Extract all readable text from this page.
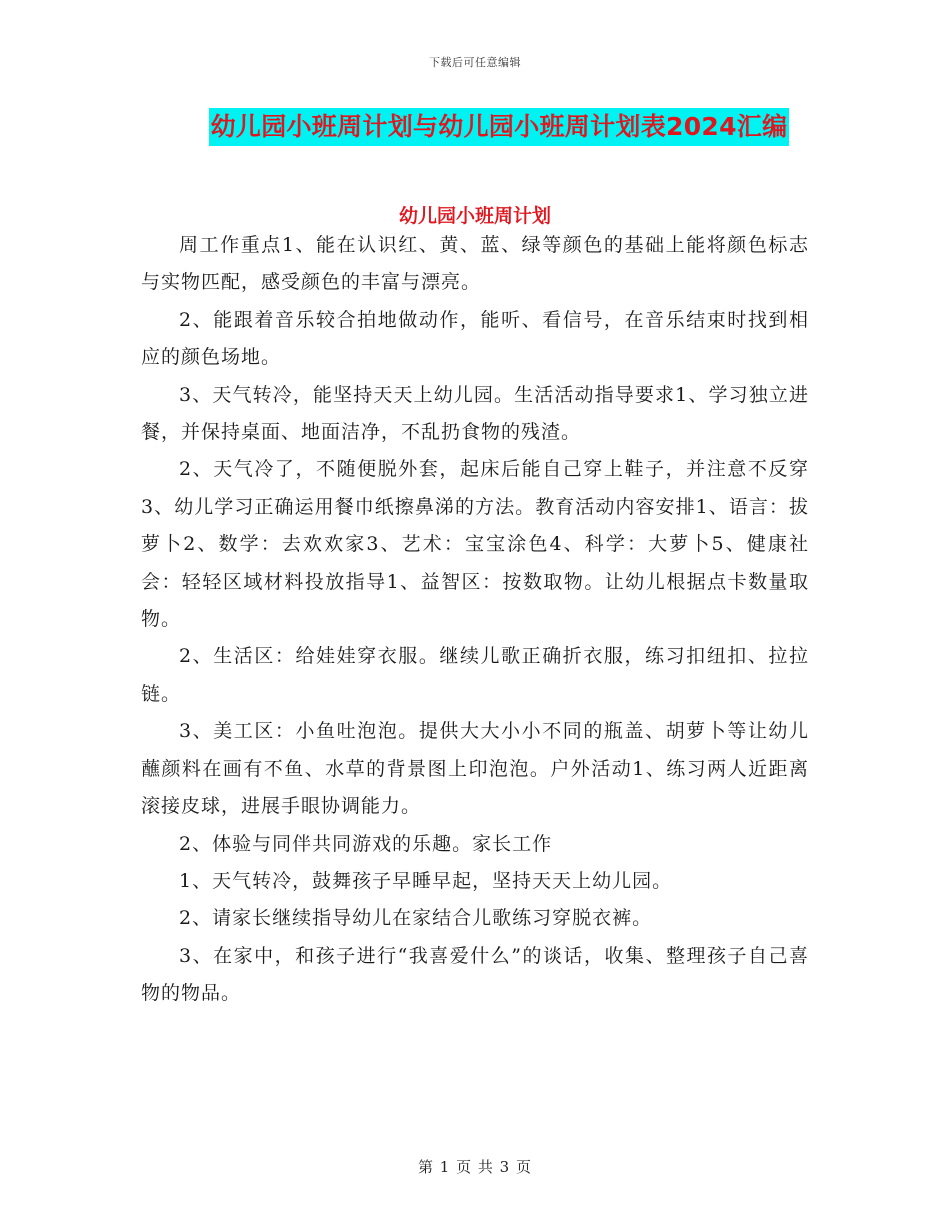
下载后可任意编辑
幼儿园小班周计划与幼儿园小班周计划表2024汇编
幼儿园小班周计划

周工作重点1、能在认识红、黄、蓝、绿等颜色的基础上能将颜色标志与实物匹配，感受颜色的丰富与漂亮。

2、能跟着音乐较合拍地做动作，能听、看信号，在音乐结束时找到相应的颜色场地。

3、天气转冷，能坚持天天上幼儿园。生活活动指导要求1、学习独立进餐，并保持桌面、地面洁净，不乱扔食物的残渣。

2、天气冷了，不随便脱外套，起床后能自己穿上鞋子，并注意不反穿3、幼儿学习正确运用餐巾纸擦鼻涕的方法。教育活动内容安排1、语言：拔萝卜2、数学：去欢欢家3、艺术：宝宝涂色4、科学：大萝卜5、健康社会：轻轻区域材料投放指导1、益智区：按数取物。让幼儿根据点卡数量取物。

2、生活区：给娃娃穿衣服。继续儿歌正确折衣服，练习扣纽扣、拉拉链。

3、美工区：小鱼吐泡泡。提供大大小小不同的瓶盖、胡萝卜等让幼儿蘸颜料在画有不鱼、水草的背景图上印泡泡。户外活动1、练习两人近距离滚接皮球，进展手眼协调能力。

2、体验与同伴共同游戏的乐趣。家长工作

1、天气转冷，鼓舞孩子早睡早起，坚持天天上幼儿园。

2、请家长继续指导幼儿在家结合儿歌练习穿脱衣裤。

3、在家中，和孩子进行“我喜爱什么”的谈话，收集、整理孩子自己喜物的物品。

第 1 页 共 3 页
